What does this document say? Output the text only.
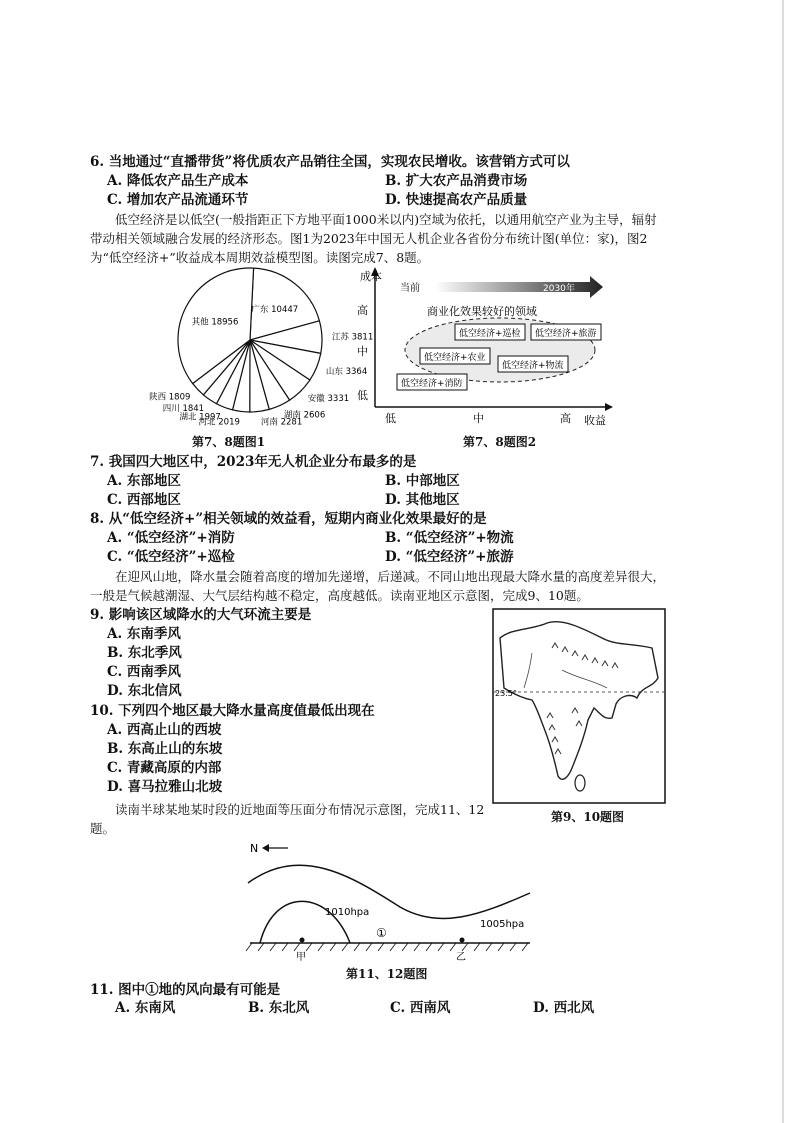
6. 当地通过“直播带货”将优质农产品销往全国，实现农民增收。该营销方式可以
A. 降低农产品生产成本	B. 扩大农产品消费市场
C. 增加农产品流通环节	D. 快速提高农产品质量
低空经济是以低空(一般指距正下方地平面1000米以内)空域为依托，以通用航空产业为主导，辐射带动相关领域融合发展的经济形态。图1为2023年中国无人机企业各省份分布统计图(单位：家)，图2为“低空经济+”收益成本周期效益模型图。读图完成7、8题。
广东 10447
江苏 3811
山东 3364
安徽 3331
湖南 2606
河南 2281
河北 2019
湖北 1997
四川 1841
陕西 1809
其他 18956
第7、8题图1
成本
收益
高
中
低
低	中	高
当前	2030年
商业化效果较好的领域
低空经济+巡检 低空经济+旅游
低空经济+农业
低空经济+物流
低空经济+消防
第7、8题图2
7. 我国四大地区中，2023年无人机企业分布最多的是
A. 东部地区	B. 中部地区
C. 西部地区	D. 其他地区
8. 从“低空经济+”相关领域的效益看，短期内商业化效果最好的是
A. “低空经济”+消防	B. “低空经济”+物流
C. “低空经济”+巡检	D. “低空经济”+旅游
在迎风山地，降水量会随着高度的增加先递增，后递减。不同山地出现最大降水量的高度差异很大，一般是气候越潮湿、大气层结构越不稳定，高度越低。读南亚地区示意图，完成9、10题。
9. 影响该区域降水的大气环流主要是
A. 东南季风
B. 东北季风
C. 西南季风
D. 东北信风
10. 下列四个地区最大降水量高度值最低出现在
A. 西高止山的西坡
B. 东高止山的东坡
C. 青藏高原的内部
D. 喜马拉雅山北坡
23.5°
第9、10题图
读南半球某地某时段的近地面等压面分布情况示意图，完成11、12题。
N
1010hpa
1005hpa
甲	乙
①
第11、12题图
11. 图中①地的风向最有可能是
A. 东南风	B. 东北风	C. 西南风	D. 西北风
